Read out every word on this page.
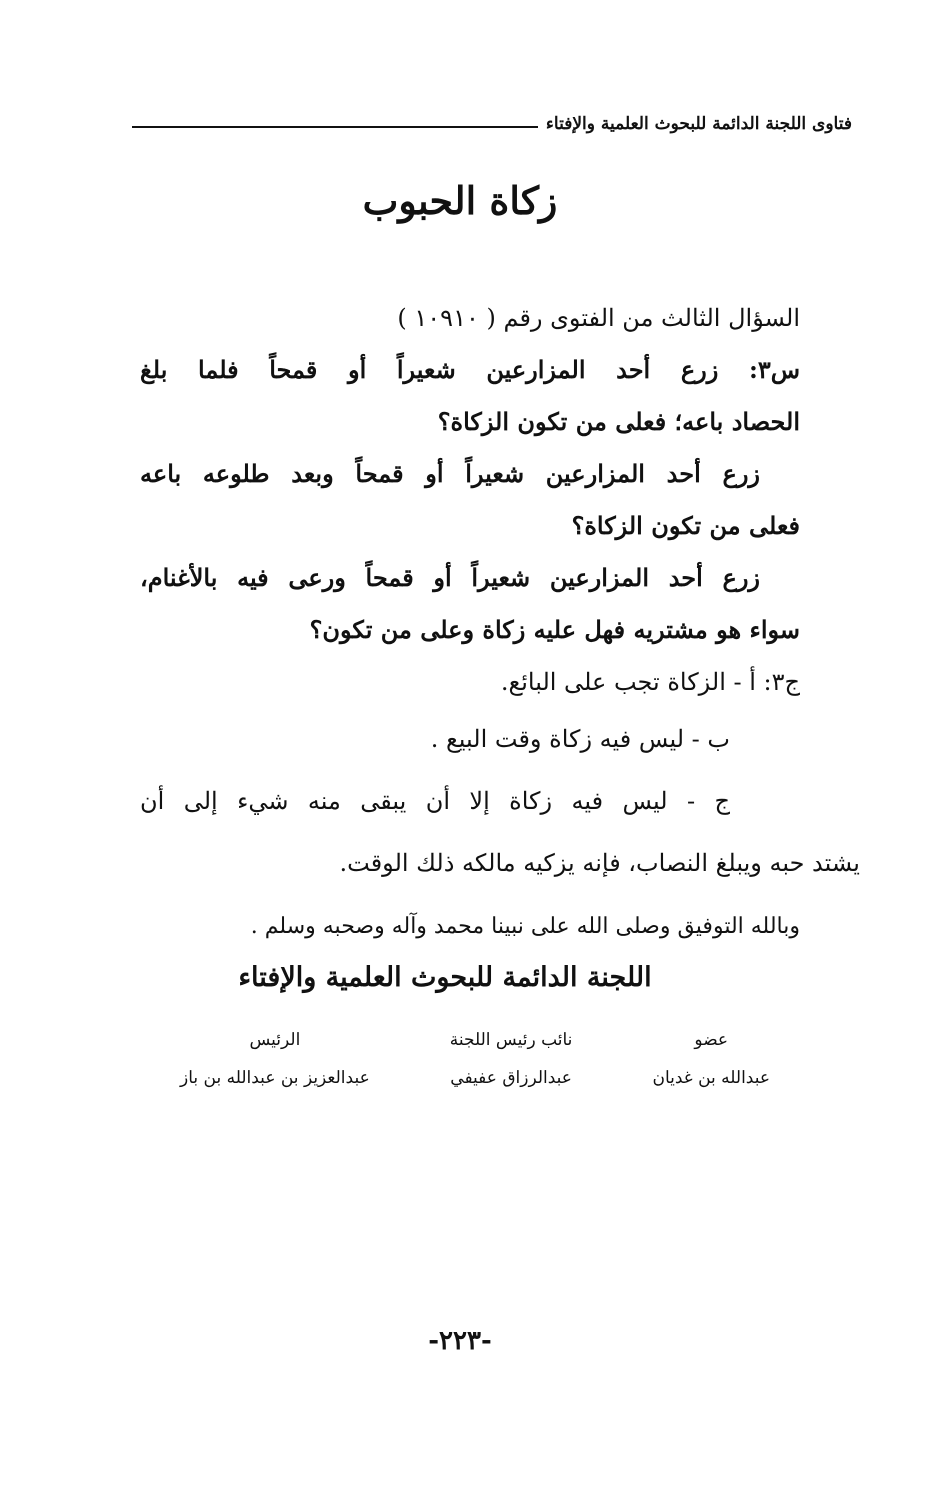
فتاوى اللجنة الدائمة للبحوث العلمية والإفتاء
زكاة الحبوب
السؤال الثالث من الفتوى رقم ( ١٠٩١٠ )
س٣: زرع أحد المزارعين شعيراً أو قمحاً فلما بلغ
الحصاد باعه؛ فعلى من تكون الزكاة؟
زرع أحد المزارعين شعيراً أو قمحاً وبعد طلوعه باعه
فعلى من تكون الزكاة؟
زرع أحد المزارعين شعيراً أو قمحاً ورعى فيه بالأغنام،
سواء هو مشتريه فهل عليه زكاة وعلى من تكون؟
ج٣: أ - الزكاة تجب على البائع.
ب - ليس فيه زكاة وقت البيع .
ج - ليس فيه زكاة إلا أن يبقى منه شيء إلى أن
يشتد حبه ويبلغ النصاب، فإنه يزكيه مالكه ذلك الوقت.
وبالله التوفيق وصلى الله على نبينا محمد وآله وصحبه وسلم .
اللجنة الدائمة للبحوث العلمية والإفتاء
عضو
عبدالله بن غديان
نائب رئيس اللجنة
عبدالرزاق عفيفي
الرئيس
عبدالعزيز بن عبدالله بن باز
-٢٢٣-
